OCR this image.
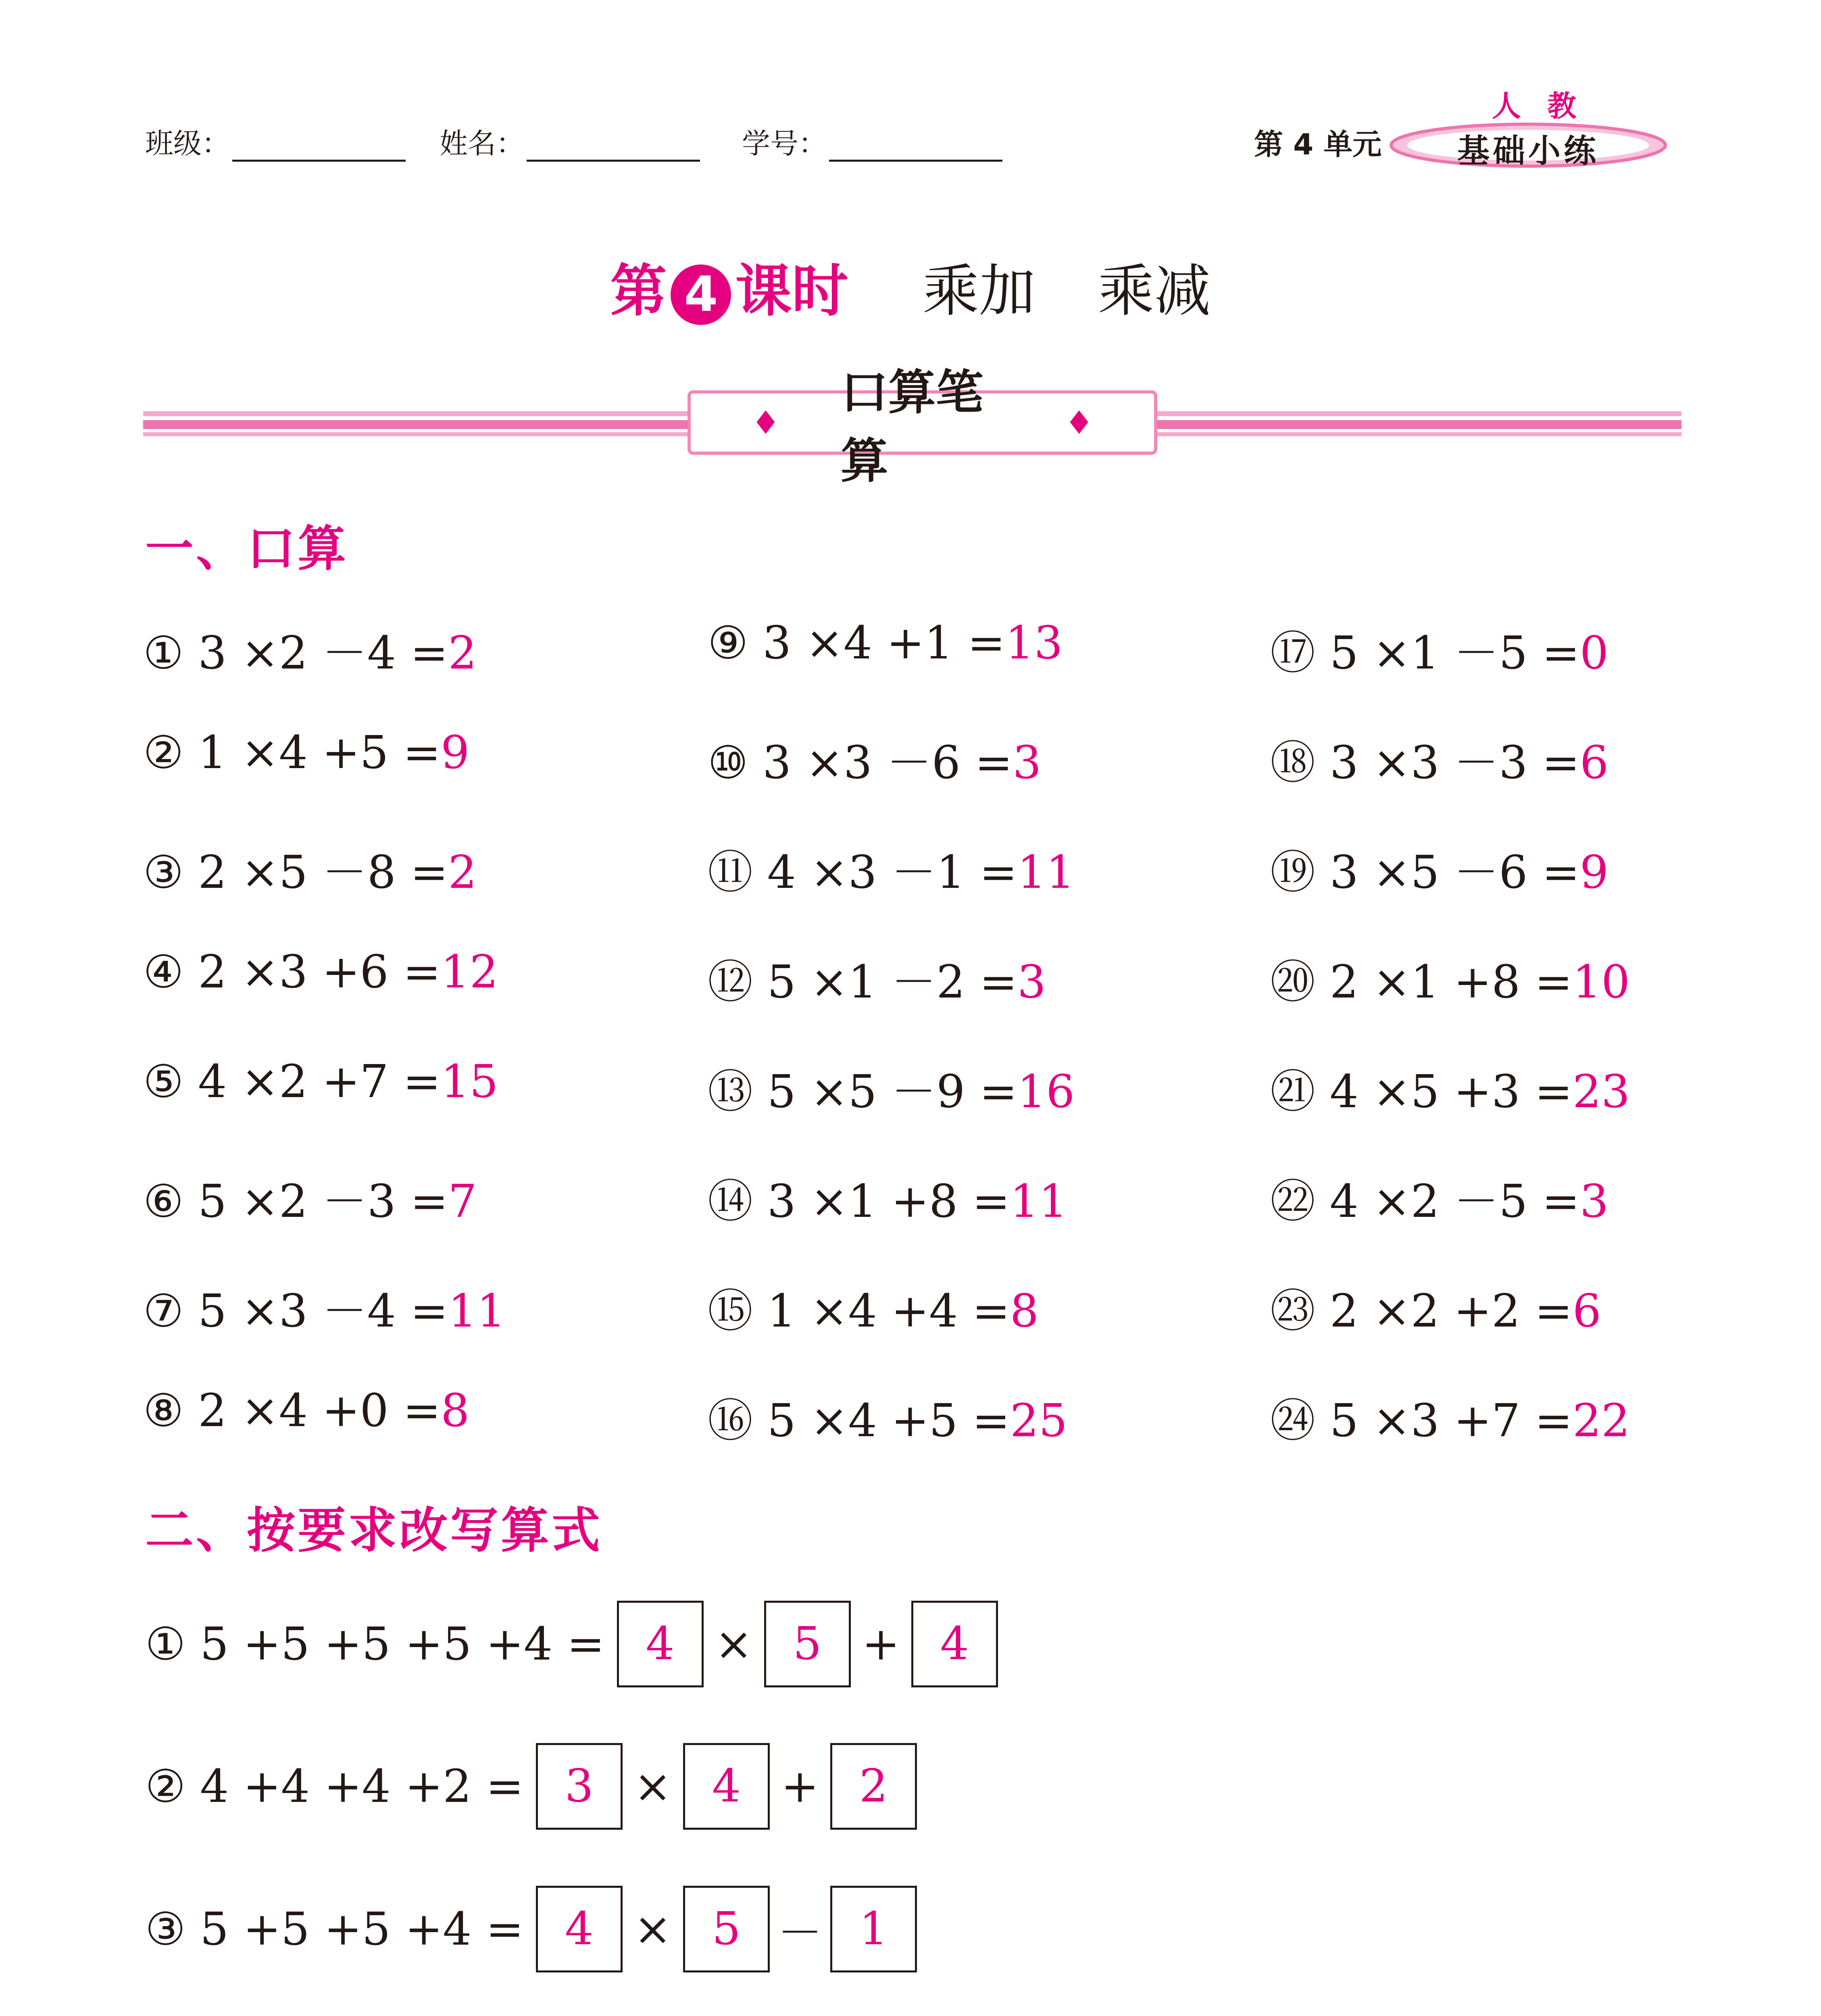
班级：	姓名：	学号：	第 4 单元
人 教
基础小练
第 4 课时 乘加 乘减
♦
口算笔算
♦
一、口算
① 3 ×2 －4 =2
② 1 ×4 +5 =9
③ 2 ×5 －8 =2
④ 2 ×3 +6 =12
⑤ 4 ×2 +7 =15
⑥ 5 ×2 －3 =7
⑦ 5 ×3 －4 =11
⑧ 2 ×4 +0 =8
⑨ 3 ×4 +1 =13
⑩ 3 ×3 －6 =3
⑪ 4 ×3 －1 =11
⑫ 5 ×1 －2 =3
⑬ 5 ×5 －9 =16
⑭ 3 ×1 +8 =11
⑮ 1 ×4 +4 =8
⑯ 5 ×4 +5 =25
⑰ 5 ×1 －5 =0
⑱ 3 ×3 －3 =6
⑲ 3 ×5 －6 =9
⑳ 2 ×1 +8 =10
㉑ 4 ×5 +3 =23
㉒ 4 ×2 －5 =3
㉓ 2 ×2 +2 =6
㉔ 5 ×3 +7 =22
二、按要求改写算式
①
5 +5 +5 +5 +4 = 4 × 5 + 4
②
4 +4 +4 +2 = 3 × 4 + 2
③
5 +5 +5 +4 = 4 × 5 － 1
